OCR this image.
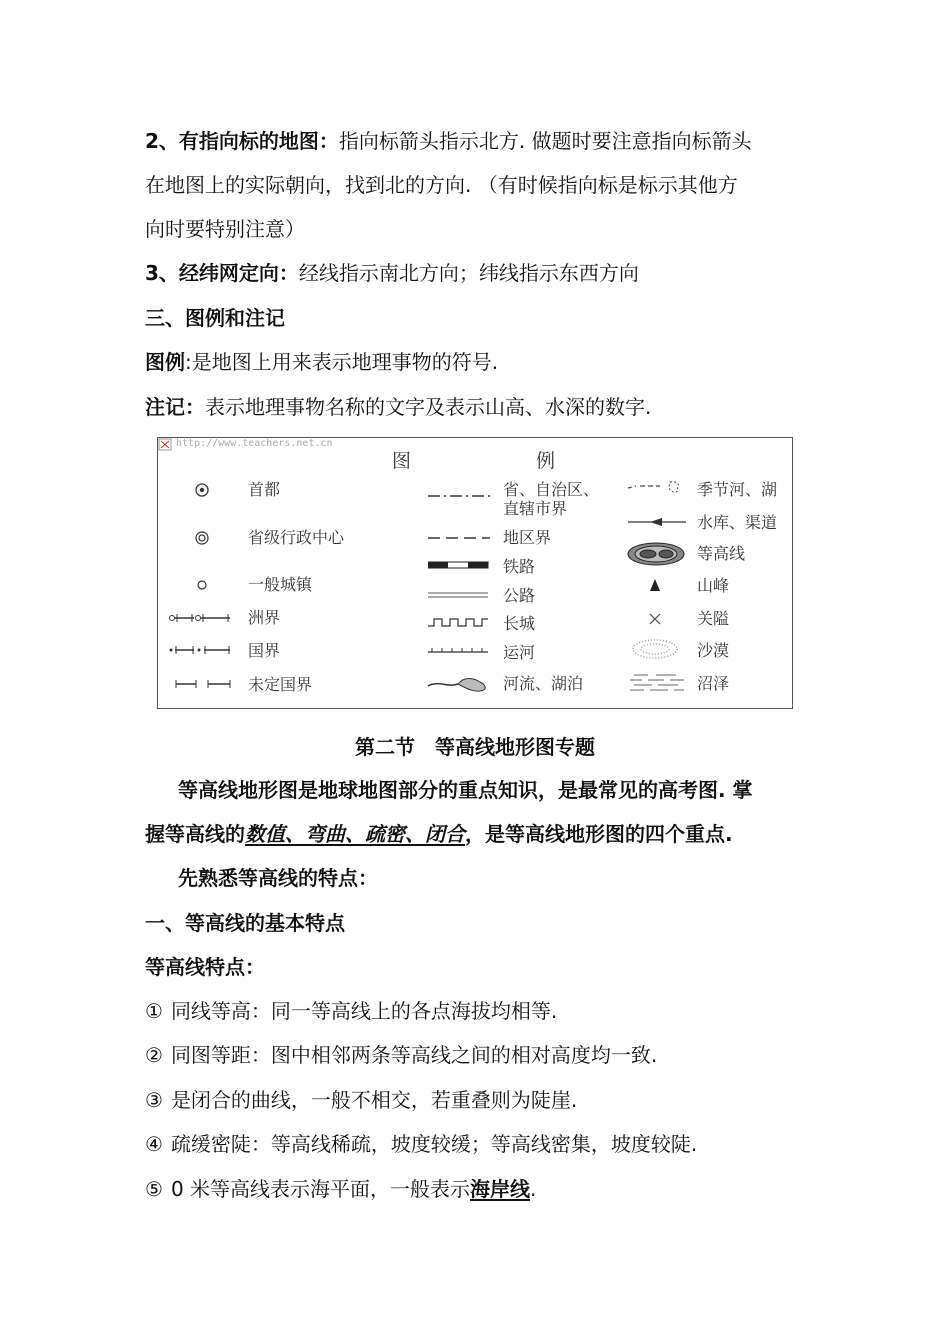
2、有指向标的地图：指向标箭头指示北方. 做题时要注意指向标箭头
在地图上的实际朝向，找到北的方向. （有时候指向标是标示其他方
向时要特别注意）
3、经纬网定向：经线指示南北方向；纬线指示东西方向
三、图例和注记
图例:是地图上用来表示地理事物的符号.
注记：表示地理事物名称的文字及表示山高、水深的数字.
http://www.teachers.net.cn
图	例
首都
省级行政中心
一般城镇
洲界
国界
未定国界
省、自治区、
直辖市界
地区界
铁路
公路
长城
运河
河流、湖泊
季节河、湖
水库、渠道
等高线
山峰
关隘
沙漠
沼泽
第二节　等高线地形图专题
等高线地形图是地球地图部分的重点知识，是最常见的高考图. 掌
握等高线的数值、弯曲、疏密、闭合，是等高线地形图的四个重点.
先熟悉等高线的特点：
一、等高线的基本特点
等高线特点：
① 同线等高：同一等高线上的各点海拔均相等.
② 同图等距：图中相邻两条等高线之间的相对高度均一致.
③ 是闭合的曲线，一般不相交，若重叠则为陡崖.
④ 疏缓密陡：等高线稀疏，坡度较缓；等高线密集，坡度较陡.
⑤ 0 米等高线表示海平面，一般表示海岸线.
